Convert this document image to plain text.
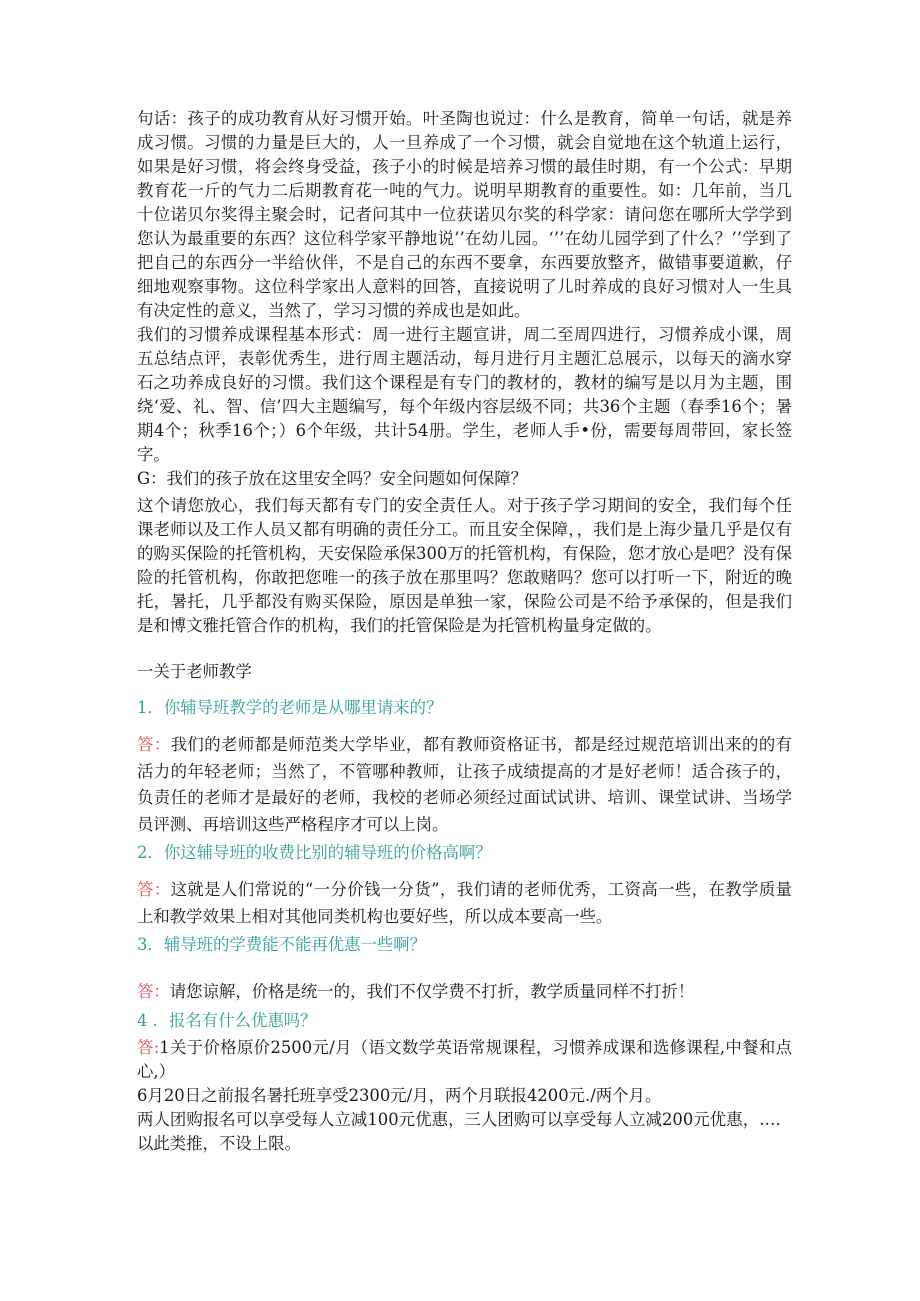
句话：孩子的成功教育从好习惯开始。叶圣陶也说过：什么是教育，简单一句话，就是养成习惯。习惯的力量是巨大的，人一旦养成了一个习惯，就会自觉地在这个轨道上运行，如果是好习惯，将会终身受益，孩子小的时候是培养习惯的最佳时期，有一个公式：早期教育花一斤的气力二后期教育花一吨的气力。说明早期教育的重要性。如：几年前，当几十位诺贝尔奖得主聚会时，记者问其中一位获诺贝尔奖的科学家：请问您在哪所大学学到您认为最重要的东西？这位科学家平静地说’’在幼儿园。‘’’在幼儿园学到了什么？’’学到了把自己的东西分一半给伙伴，不是自己的东西不要拿，东西要放整齐，做错事要道歉，仔细地观察事物。这位科学家出人意料的回答，直接说明了儿时养成的良好习惯对人一生具有决定性的意义，当然了，学习习惯的养成也是如此。

我们的习惯养成课程基本形式：周一进行主题宣讲，周二至周四进行，习惯养成小课，周五总结点评，表彰优秀生，进行周主题活动，每月进行月主题汇总展示，以每天的滴水穿石之功养成良好的习惯。我们这个课程是有专门的教材的，教材的编写是以月为主题，围绕‘爱、礼、智、信’四大主题编写，每个年级内容层级不同；共36个主题（春季16个；暑期4个；秋季16个；）6个年级，共计54册。学生，老师人手•份，需要每周带回，家长签字。

G：我们的孩子放在这里安全吗？安全问题如何保障？

这个请您放心，我们每天都有专门的安全责任人。对于孩子学习期间的安全，我们每个任课老师以及工作人员又都有明确的责任分工。而且安全保障，，我们是上海少量几乎是仅有的购买保险的托管机构，天安保险承保300万的托管机构，有保险，您才放心是吧？没有保险的托管机构，你敢把您唯一的孩子放在那里吗？您敢赌吗？您可以打听一下，附近的晚托，暑托，几乎都没有购买保险，原因是单独一家，保险公司是不给予承保的，但是我们是和博文雅托管合作的机构，我们的托管保险是为托管机构量身定做的。

一关于老师教学

1．你辅导班教学的老师是从哪里请来的？

答：我们的老师都是师范类大学毕业，都有教师资格证书，都是经过规范培训出来的的有活力的年轻老师；当然了，不管哪种教师，让孩子成绩提高的才是好老师！适合孩子的，负责任的老师才是最好的老师，我校的老师必须经过面试试讲、培训、课堂试讲、当场学员评测、再培训这些严格程序才可以上岗。

2．你这辅导班的收费比别的辅导班的价格高啊？

答：这就是人们常说的“一分价钱一分货”，我们请的老师优秀，工资高一些，在教学质量上和教学效果上相对其他同类机构也要好些，所以成本要高一些。

3．辅导班的学费能不能再优惠一些啊？

答：请您谅解，价格是统一的，我们不仅学费不打折，教学质量同样不打折！

4 ．报名有什么优惠吗？

答:1关于价格原价2500元/月（语文数学英语常规课程，习惯养成课和选修课程,中餐和点心,）

6月20日之前报名暑托班享受2300元/月，两个月联报4200元./两个月。

两人团购报名可以享受每人立减100元优惠，三人团购可以享受每人立减200元优惠，…．以此类推，不设上限。
